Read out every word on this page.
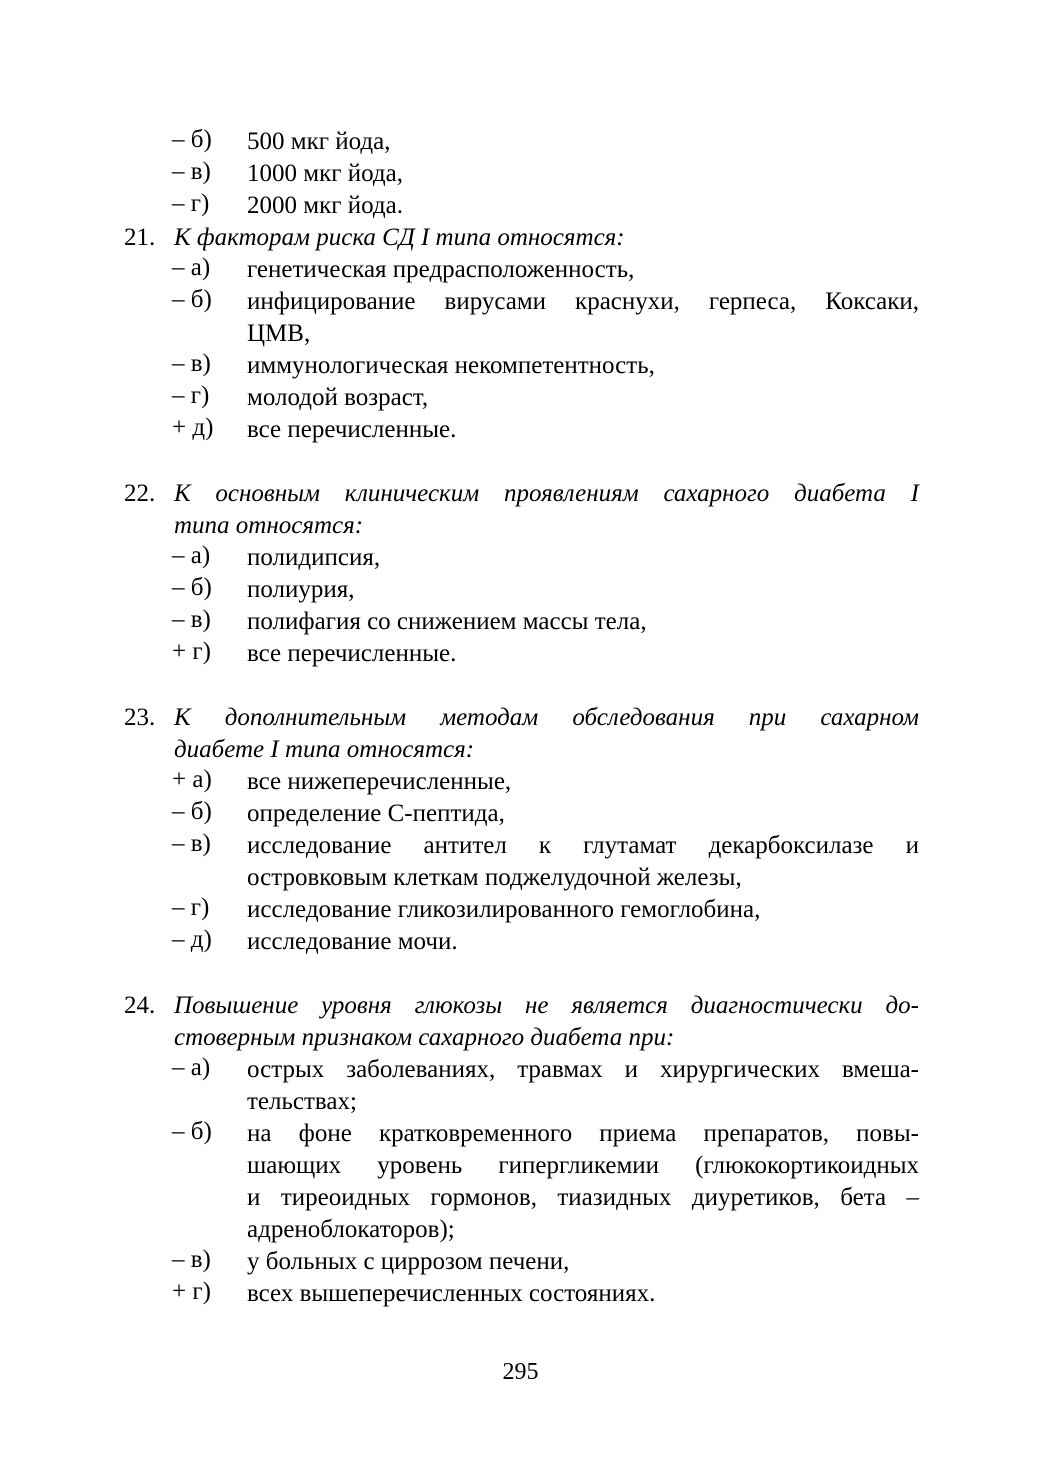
– б)	500 мкг йода,
– в)	1000 мкг йода,
– г)	2000 мкг йода.
21. К факторам риска СД I типа относятся:
– а)	генетическая предрасположенность,
– б)	инфицирование вирусами краснухи, герпеса, Коксаки,
ЦМВ,
– в)	иммунологическая некомпетентность,
– г)	молодой возраст,
+ д)	все перечисленные.
22. К основным клиническим проявлениям сахарного диабета I
типа относятся:
– а)	полидипсия,
– б)	полиурия,
– в)	полифагия со снижением массы тела,
+ г)	все перечисленные.
23. К дополнительным методам обследования при сахарном
диабете I типа относятся:
+ а)	все нижеперечисленные,
– б)	определение С-пептида,
– в)	исследование антител к глутамат декарбоксилазе и
островковым клеткам поджелудочной железы,
– г)	исследование гликозилированного гемоглобина,
– д)	исследование мочи.
24. Повышение уровня глюкозы не является диагностически до-
стоверным признаком сахарного диабета при:
– а)	острых заболеваниях, травмах и хирургических вмеша-
тельствах;
– б)	на фоне кратковременного приема препаратов, повы-
шающих уровень гипергликемии (глюкокортикоидных
и тиреоидных гормонов, тиазидных диуретиков, бета –
адреноблокаторов);
– в)	у больных с циррозом печени,
+ г)	всех вышеперечисленных состояниях.
295
